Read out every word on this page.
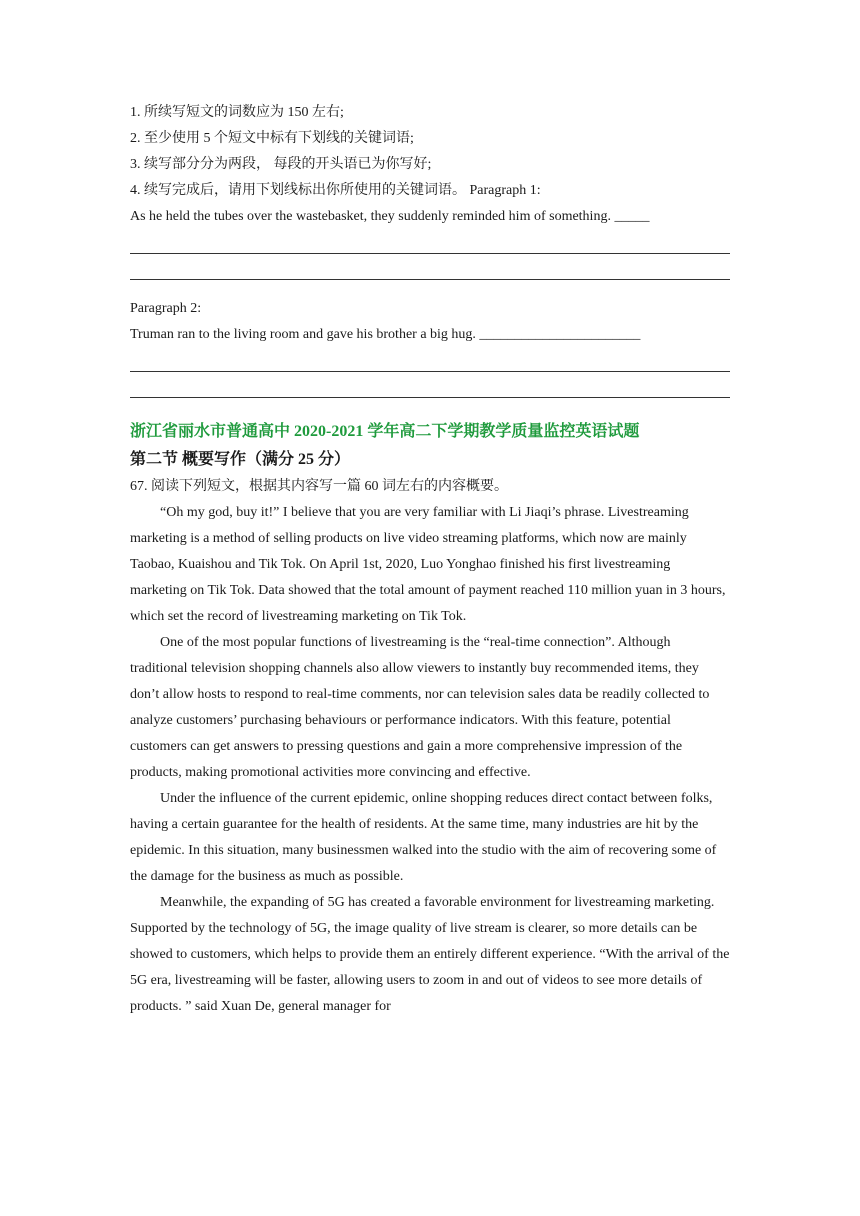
1. 所续写短文的词数应为 150 左右;
2. 至少使用 5 个短文中标有下划线的关键词语;
3. 续写部分分为两段， 每段的开头语已为你写好;
4. 续写完成后，请用下划线标出你所使用的关键词语。 Paragraph 1:
As he held the tubes over the wastebasket, they suddenly reminded him of something. _____
Paragraph 2:
Truman ran to the living room and gave his brother a big hug. _______________________
浙江省丽水市普通高中 2020-2021 学年高二下学期教学质量监控英语试题
第二节 概要写作（满分 25 分）

67. 阅读下列短文，根据其内容写一篇 60 词左右的内容概要。

“Oh my god, buy it!” I believe that you are very familiar with Li Jiaqi’s phrase. Livestreaming marketing is a method of selling products on live video streaming platforms, which now are mainly Taobao, Kuaishou and Tik Tok. On April 1st, 2020, Luo Yonghao finished his first livestreaming marketing on Tik Tok. Data showed that the total amount of payment reached 110 million yuan in 3 hours, which set the record of livestreaming marketing on Tik Tok.

One of the most popular functions of livestreaming is the “real-time connection”. Although traditional television shopping channels also allow viewers to instantly buy recommended items, they don’t allow hosts to respond to real-time comments, nor can television sales data be readily collected to analyze customers’ purchasing behaviours or performance indicators. With this feature, potential customers can get answers to pressing questions and gain a more comprehensive impression of the products, making promotional activities more convincing and effective.

Under the influence of the current epidemic, online shopping reduces direct contact between folks, having a certain guarantee for the health of residents. At the same time, many industries are hit by the epidemic. In this situation, many businessmen walked into the studio with the aim of recovering some of the damage for the business as much as possible.

Meanwhile, the expanding of 5G has created a favorable environment for livestreaming marketing. Supported by the technology of 5G, the image quality of live stream is clearer, so more details can be showed to customers, which helps to provide them an entirely different experience. “With the arrival of the 5G era, livestreaming will be faster, allowing users to zoom in and out of videos to see more details of products. ” said Xuan De, general manager for
